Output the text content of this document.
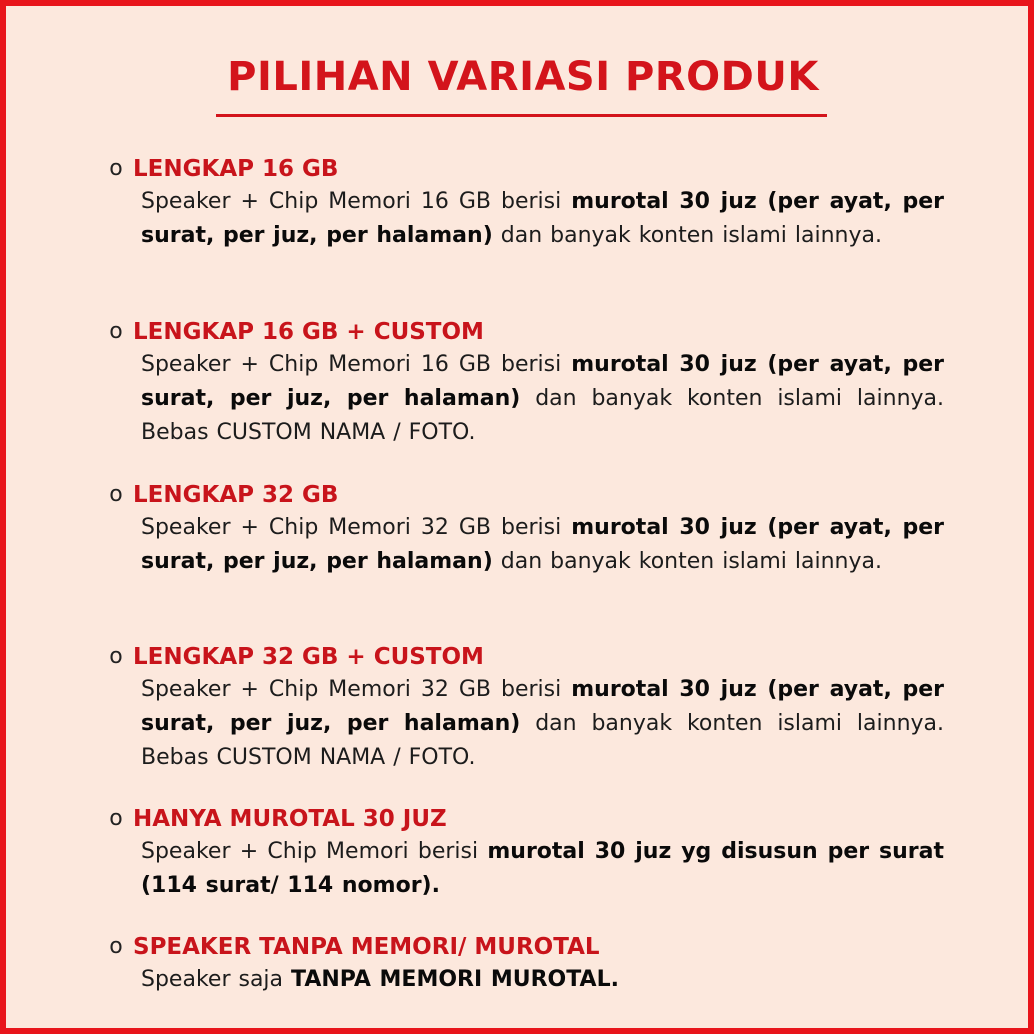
PILIHAN VARIASI PRODUK
o LENGKAP 16 GB

Speaker + Chip Memori 16 GB berisi murotal 30 juz (per ayat, per surat, per juz, per halaman) dan banyak konten islami lainnya.

o LENGKAP 16 GB + CUSTOM

Speaker + Chip Memori 16 GB berisi murotal 30 juz (per ayat, per surat, per juz, per halaman) dan banyak konten islami lainnya. Bebas CUSTOM NAMA / FOTO.

o LENGKAP 32 GB

Speaker + Chip Memori 32 GB berisi murotal 30 juz (per ayat, per surat, per juz, per halaman) dan banyak konten islami lainnya.

o LENGKAP 32 GB + CUSTOM

Speaker + Chip Memori 32 GB berisi murotal 30 juz (per ayat, per surat, per juz, per halaman) dan banyak konten islami lainnya. Bebas CUSTOM NAMA / FOTO.

o HANYA MUROTAL 30 JUZ

Speaker + Chip Memori berisi murotal 30 juz yg disusun per surat (114 surat/ 114 nomor).

o SPEAKER TANPA MEMORI/ MUROTAL

Speaker saja TANPA MEMORI MUROTAL.
